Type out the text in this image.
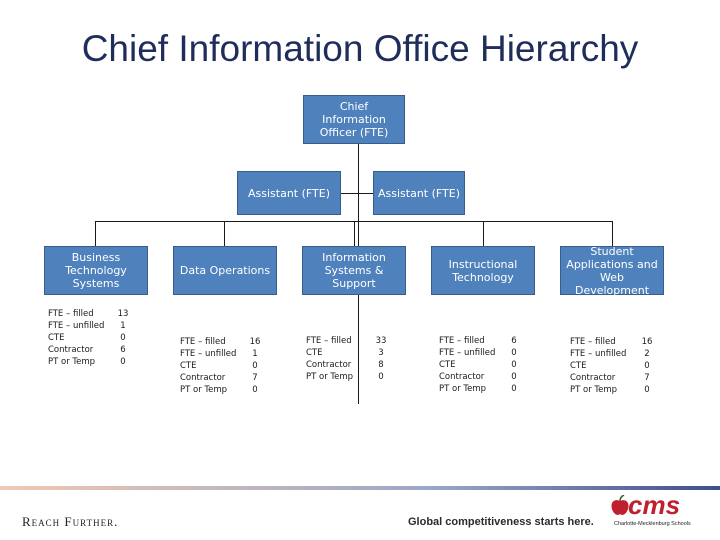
Chief Information Office Hierarchy
Chief Information Officer (FTE)
Assistant (FTE)	Assistant (FTE)
Business Technology Systems
Data Operations
Information Systems & Support
Instructional Technology
Student Applications and Web Development
FTE – filled	13
FTE – unfilled	1
CTE	0
Contractor	6
PT or Temp	0
FTE – filled	16
FTE – unfilled	1
CTE	0
Contractor	7
PT or Temp	0
FTE – filled	33
CTE	3
Contractor	8
PT or Temp	0
FTE – filled	6
FTE – unfilled	0
CTE	0
Contractor	0
PT or Temp	0
FTE – filled	16
FTE – unfilled	2
CTE	0
Contractor	7
PT or Temp	0
Reach Further.	Global competitiveness starts here.
cms
Charlotte-Mecklenburg Schools
